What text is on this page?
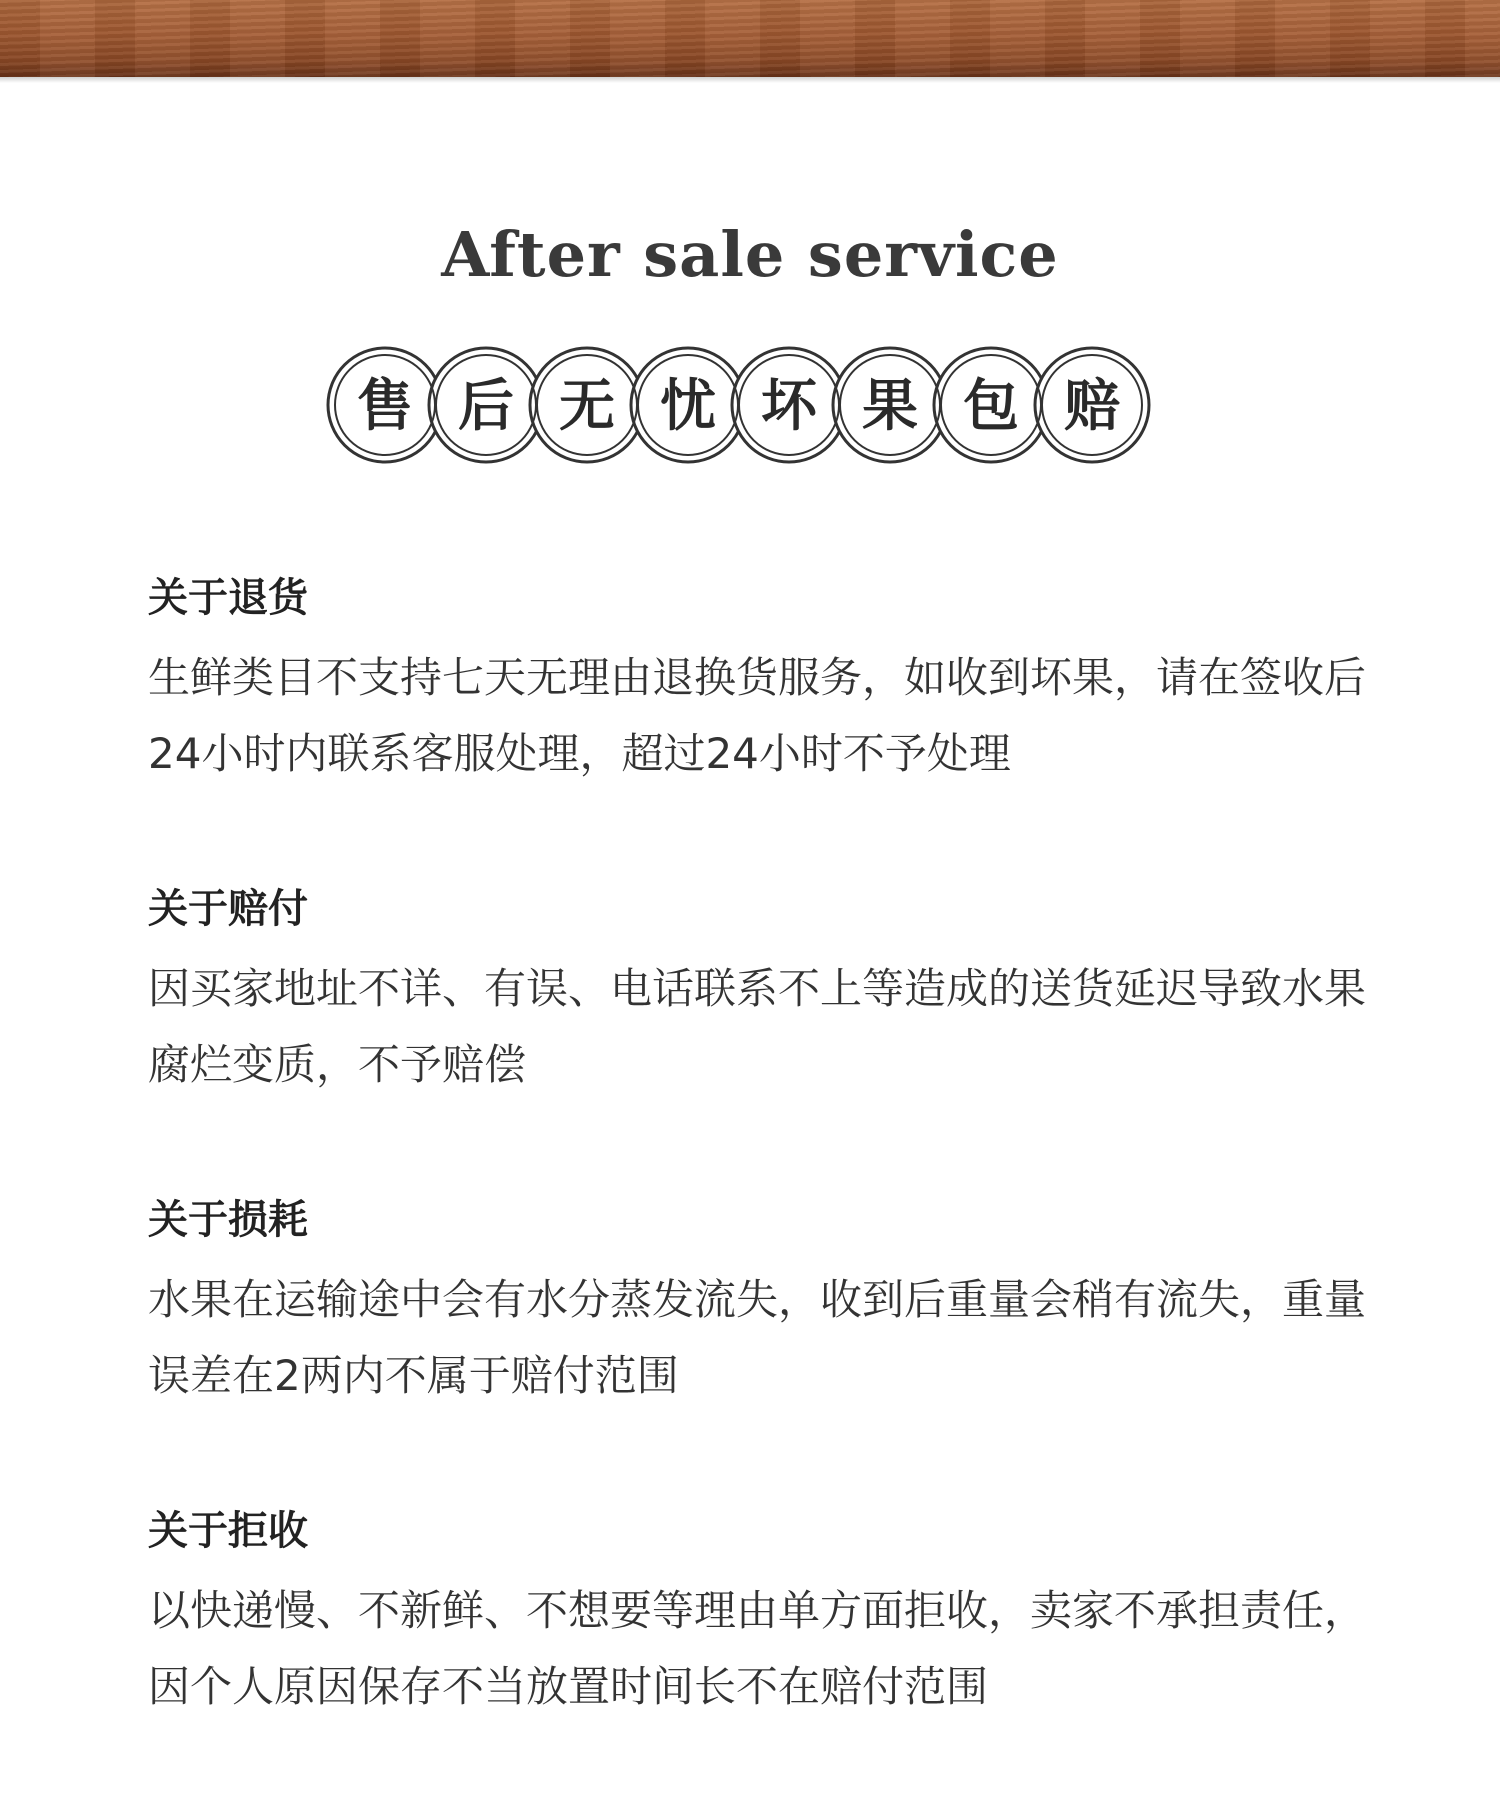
After sale service
售 后 无 忧 坏 果 包 赔
关于退货

生鲜类目不支持七天无理由退换货服务，如收到坏果，请在签收后24小时内联系客服处理，超过24小时不予处理

关于赔付

因买家地址不详、有误、电话联系不上等造成的送货延迟导致水果腐烂变质，不予赔偿

关于损耗

水果在运输途中会有水分蒸发流失，收到后重量会稍有流失，重量误差在2两内不属于赔付范围

关于拒收

以快递慢、不新鲜、不想要等理由单方面拒收，卖家不承担责任，因个人原因保存不当放置时间长不在赔付范围
